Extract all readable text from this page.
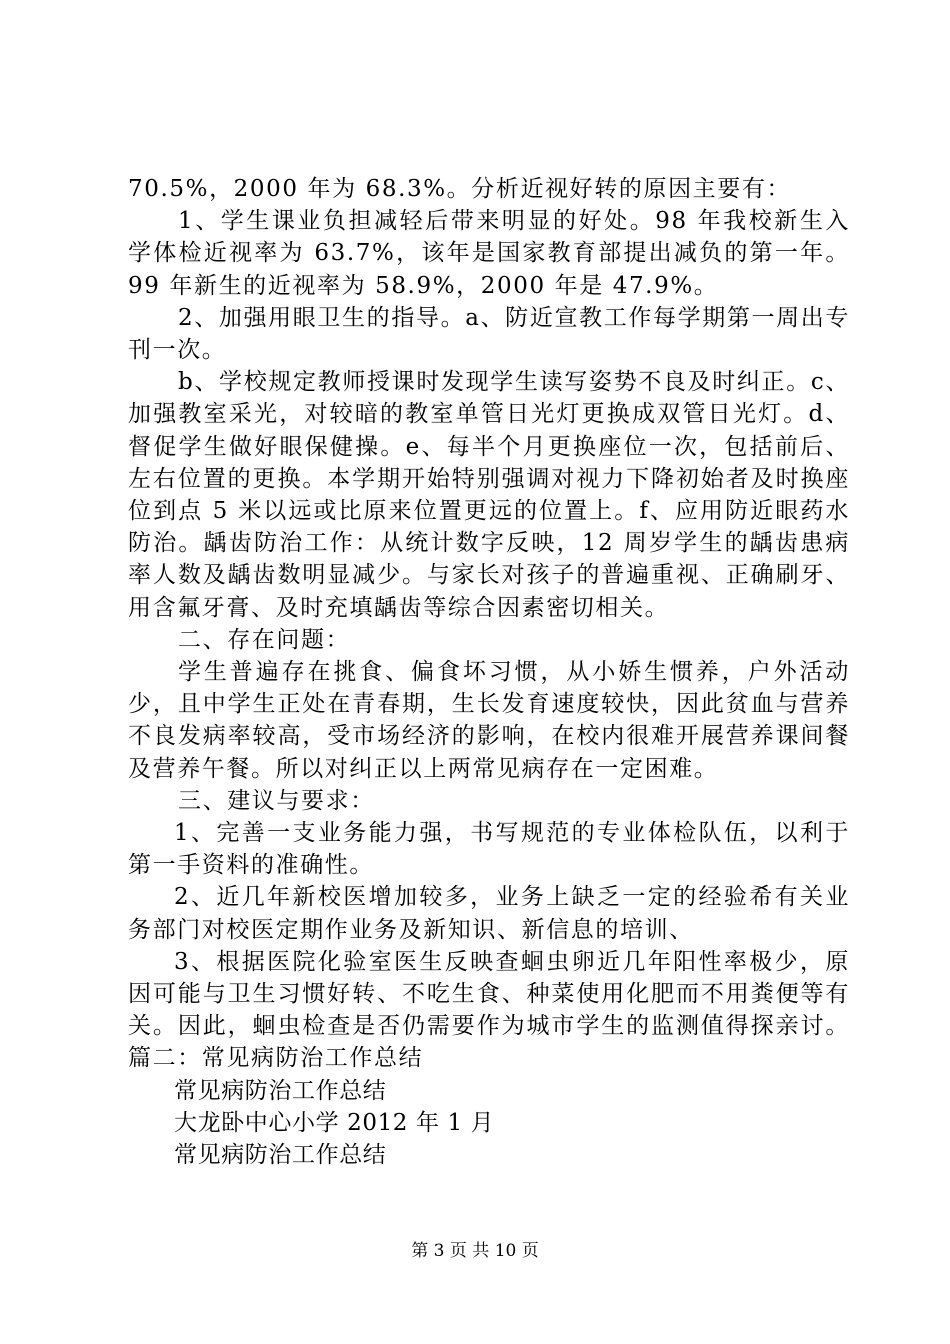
70.5%，2000 年为 68.3%。分析近视好转的原因主要有：

1、学生课业负担减轻后带来明显的好处。98 年我校新生入学体检近视率为 63.7%，该年是国家教育部提出减负的第一年。99 年新生的近视率为 58.9%，2000 年是 47.9%。

2、加强用眼卫生的指导。a、防近宣教工作每学期第一周出专刊一次。

b、学校规定教师授课时发现学生读写姿势不良及时纠正。c、加强教室采光，对较暗的教室单管日光灯更换成双管日光灯。d、督促学生做好眼保健操。e、每半个月更换座位一次，包括前后、左右位置的更换。本学期开始特别强调对视力下降初始者及时换座位到点 5 米以远或比原来位置更远的位置上。f、应用防近眼药水防治。龋齿防治工作：从统计数字反映，12 周岁学生的龋齿患病率人数及龋齿数明显减少。与家长对孩子的普遍重视、正确刷牙、用含氟牙膏、及时充填龋齿等综合因素密切相关。

二、存在问题：

学生普遍存在挑食、偏食坏习惯，从小娇生惯养，户外活动少，且中学生正处在青春期，生长发育速度较快，因此贫血与营养不良发病率较高，受市场经济的影响，在校内很难开展营养课间餐及营养午餐。所以对纠正以上两常见病存在一定困难。

三、建议与要求：

1、完善一支业务能力强，书写规范的专业体检队伍，以利于第一手资料的准确性。

2、近几年新校医增加较多，业务上缺乏一定的经验希有关业务部门对校医定期作业务及新知识、新信息的培训、

3、根据医院化验室医生反映查蛔虫卵近几年阳性率极少，原因可能与卫生习惯好转、不吃生食、种菜使用化肥而不用粪便等有关。因此，蛔虫检查是否仍需要作为城市学生的监测值得探亲讨。篇二：常见病防治工作总结

常见病防治工作总结

大龙卧中心小学 2012 年 1 月

常见病防治工作总结

第 3 页 共 10 页
